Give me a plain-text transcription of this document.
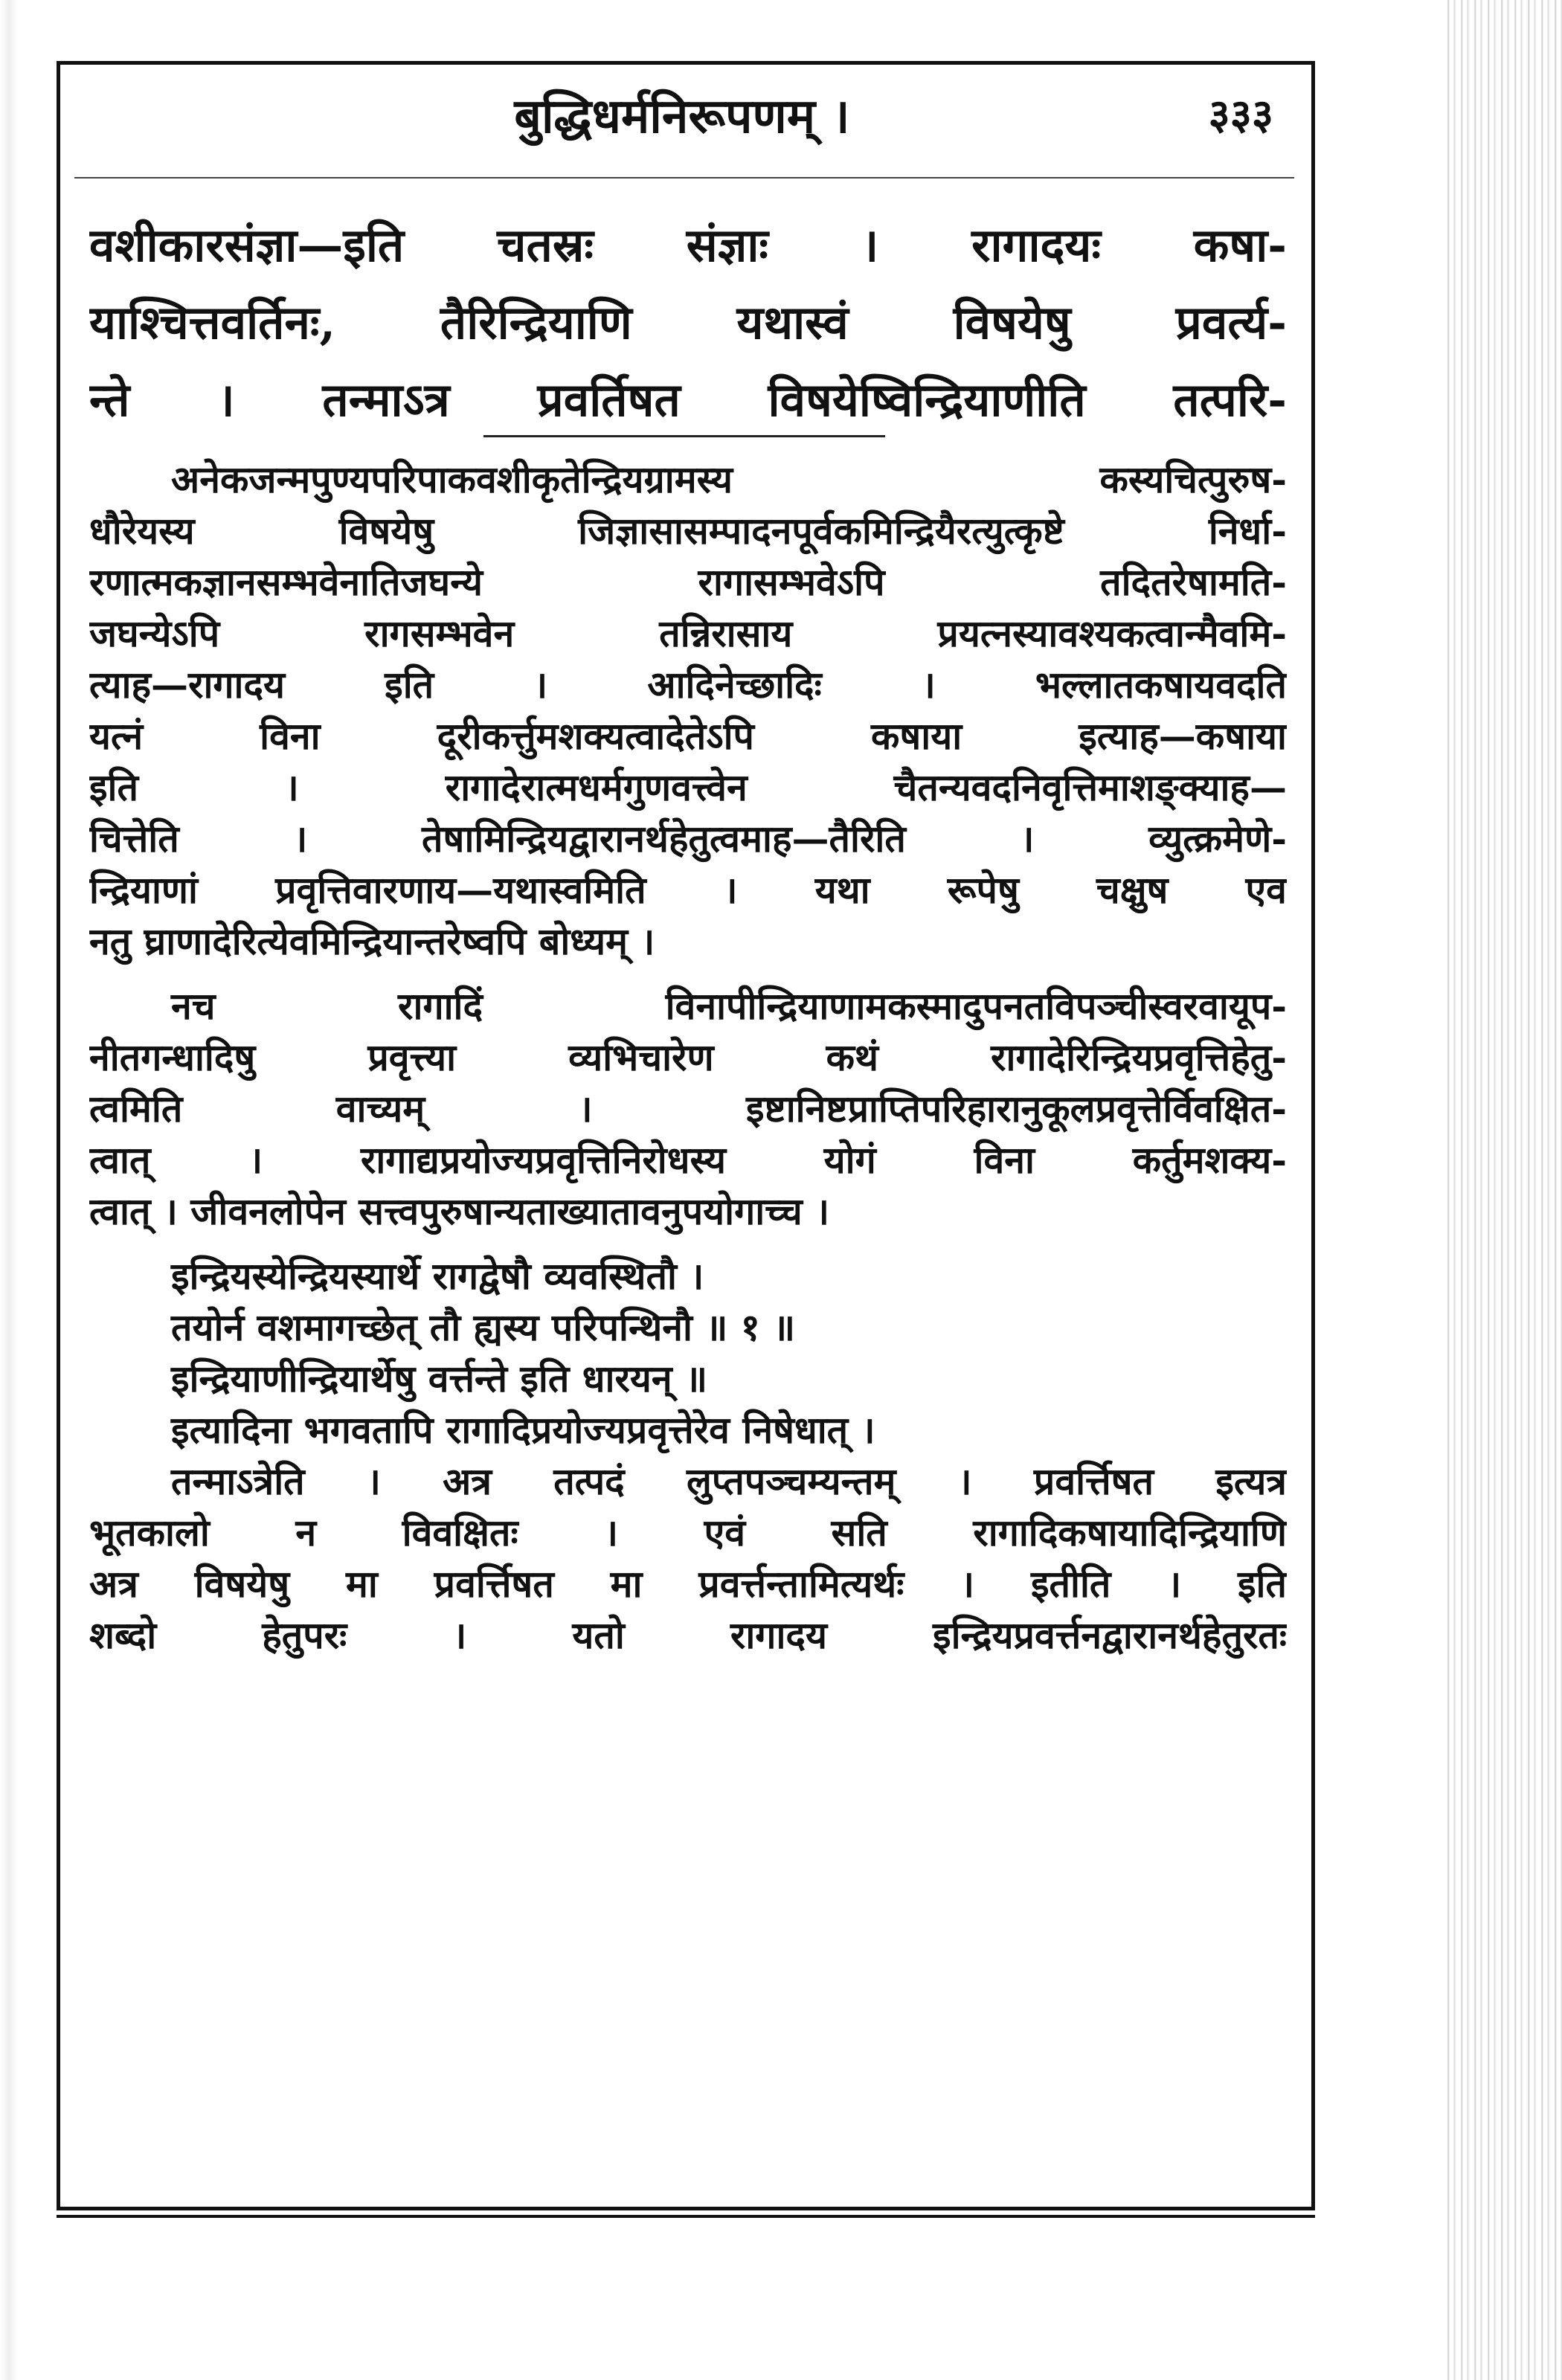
बुद्धिधर्मनिरूपणम् ।	३३३
वशीकारसंज्ञा—इति चतस्रः संज्ञाः । रागादयः कषा-
याश्चित्तवर्तिनः, तैरिन्द्रियाणि यथास्वं विषयेषु प्रवर्त्य-
न्ते । तन्माऽत्र प्रवर्तिषत विषयेष्विन्द्रियाणीति तत्परि-
अनेकजन्मपुण्यपरिपाकवशीकृतेन्द्रियग्रामस्य कस्यचित्पुरुष-
धौरेयस्य विषयेषु जिज्ञासासम्पादनपूर्वकमिन्द्रियैरत्युत्कृष्टे निर्धा-
रणात्मकज्ञानसम्भवेनातिजघन्ये रागासम्भवेऽपि तदितरेषामति-
जघन्येऽपि रागसम्भवेन तन्निरासाय प्रयत्नस्यावश्यकत्वान्मैवमि-
त्याह—रागादय इति । आदिनेच्छादिः । भल्लातकषायवदति
यत्नं विना दूरीकर्त्तुमशक्यत्वादेतेऽपि कषाया इत्याह—कषाया
इति । रागादेरात्मधर्मगुणवत्त्वेन चैतन्यवदनिवृत्तिमाशङ्क्याह—
चित्तेति । तेषामिन्द्रियद्वारानर्थहेतुत्वमाह—तैरिति । व्युत्क्रमेणे-
न्द्रियाणां प्रवृत्तिवारणाय—यथास्वमिति । यथा रूपेषु चक्षुष एव
नतु घ्राणादेरित्येवमिन्द्रियान्तरेष्वपि बोध्यम् ।
नच रागादिं विनापीन्द्रियाणामकस्मादुपनतविपञ्चीस्वरवायूप-
नीतगन्धादिषु प्रवृत्त्या व्यभिचारेण कथं रागादेरिन्द्रियप्रवृत्तिहेतु-
त्वमिति वाच्यम् । इष्टानिष्टप्राप्तिपरिहारानुकूलप्रवृत्तेर्विवक्षित-
त्वात् । रागाद्यप्रयोज्यप्रवृत्तिनिरोधस्य योगं विना कर्तुमशक्य-
त्वात् । जीवनलोपेन सत्त्वपुरुषान्यताख्यातावनुपयोगाच्च ।
इन्द्रियस्येन्द्रियस्यार्थे रागद्वेषौ व्यवस्थितौ ।
तयोर्न वशमागच्छेत् तौ ह्यस्य परिपन्थिनौ ॥ १ ॥
इन्द्रियाणीन्द्रियार्थेषु वर्त्तन्ते इति धारयन् ॥
इत्यादिना भगवतापि रागादिप्रयोज्यप्रवृत्तेरेव निषेधात् ।
तन्माऽत्रेति । अत्र तत्पदं लुप्तपञ्चम्यन्तम् । प्रवर्त्तिषत इत्यत्र
भूतकालो न विवक्षितः । एवं सति रागादिकषायादिन्द्रियाणि
अत्र विषयेषु मा प्रवर्त्तिषत मा प्रवर्त्तन्तामित्यर्थः । इतीति । इति
शब्दो हेतुपरः । यतो रागादय इन्द्रियप्रवर्त्तनद्वारानर्थहेतुरतः
